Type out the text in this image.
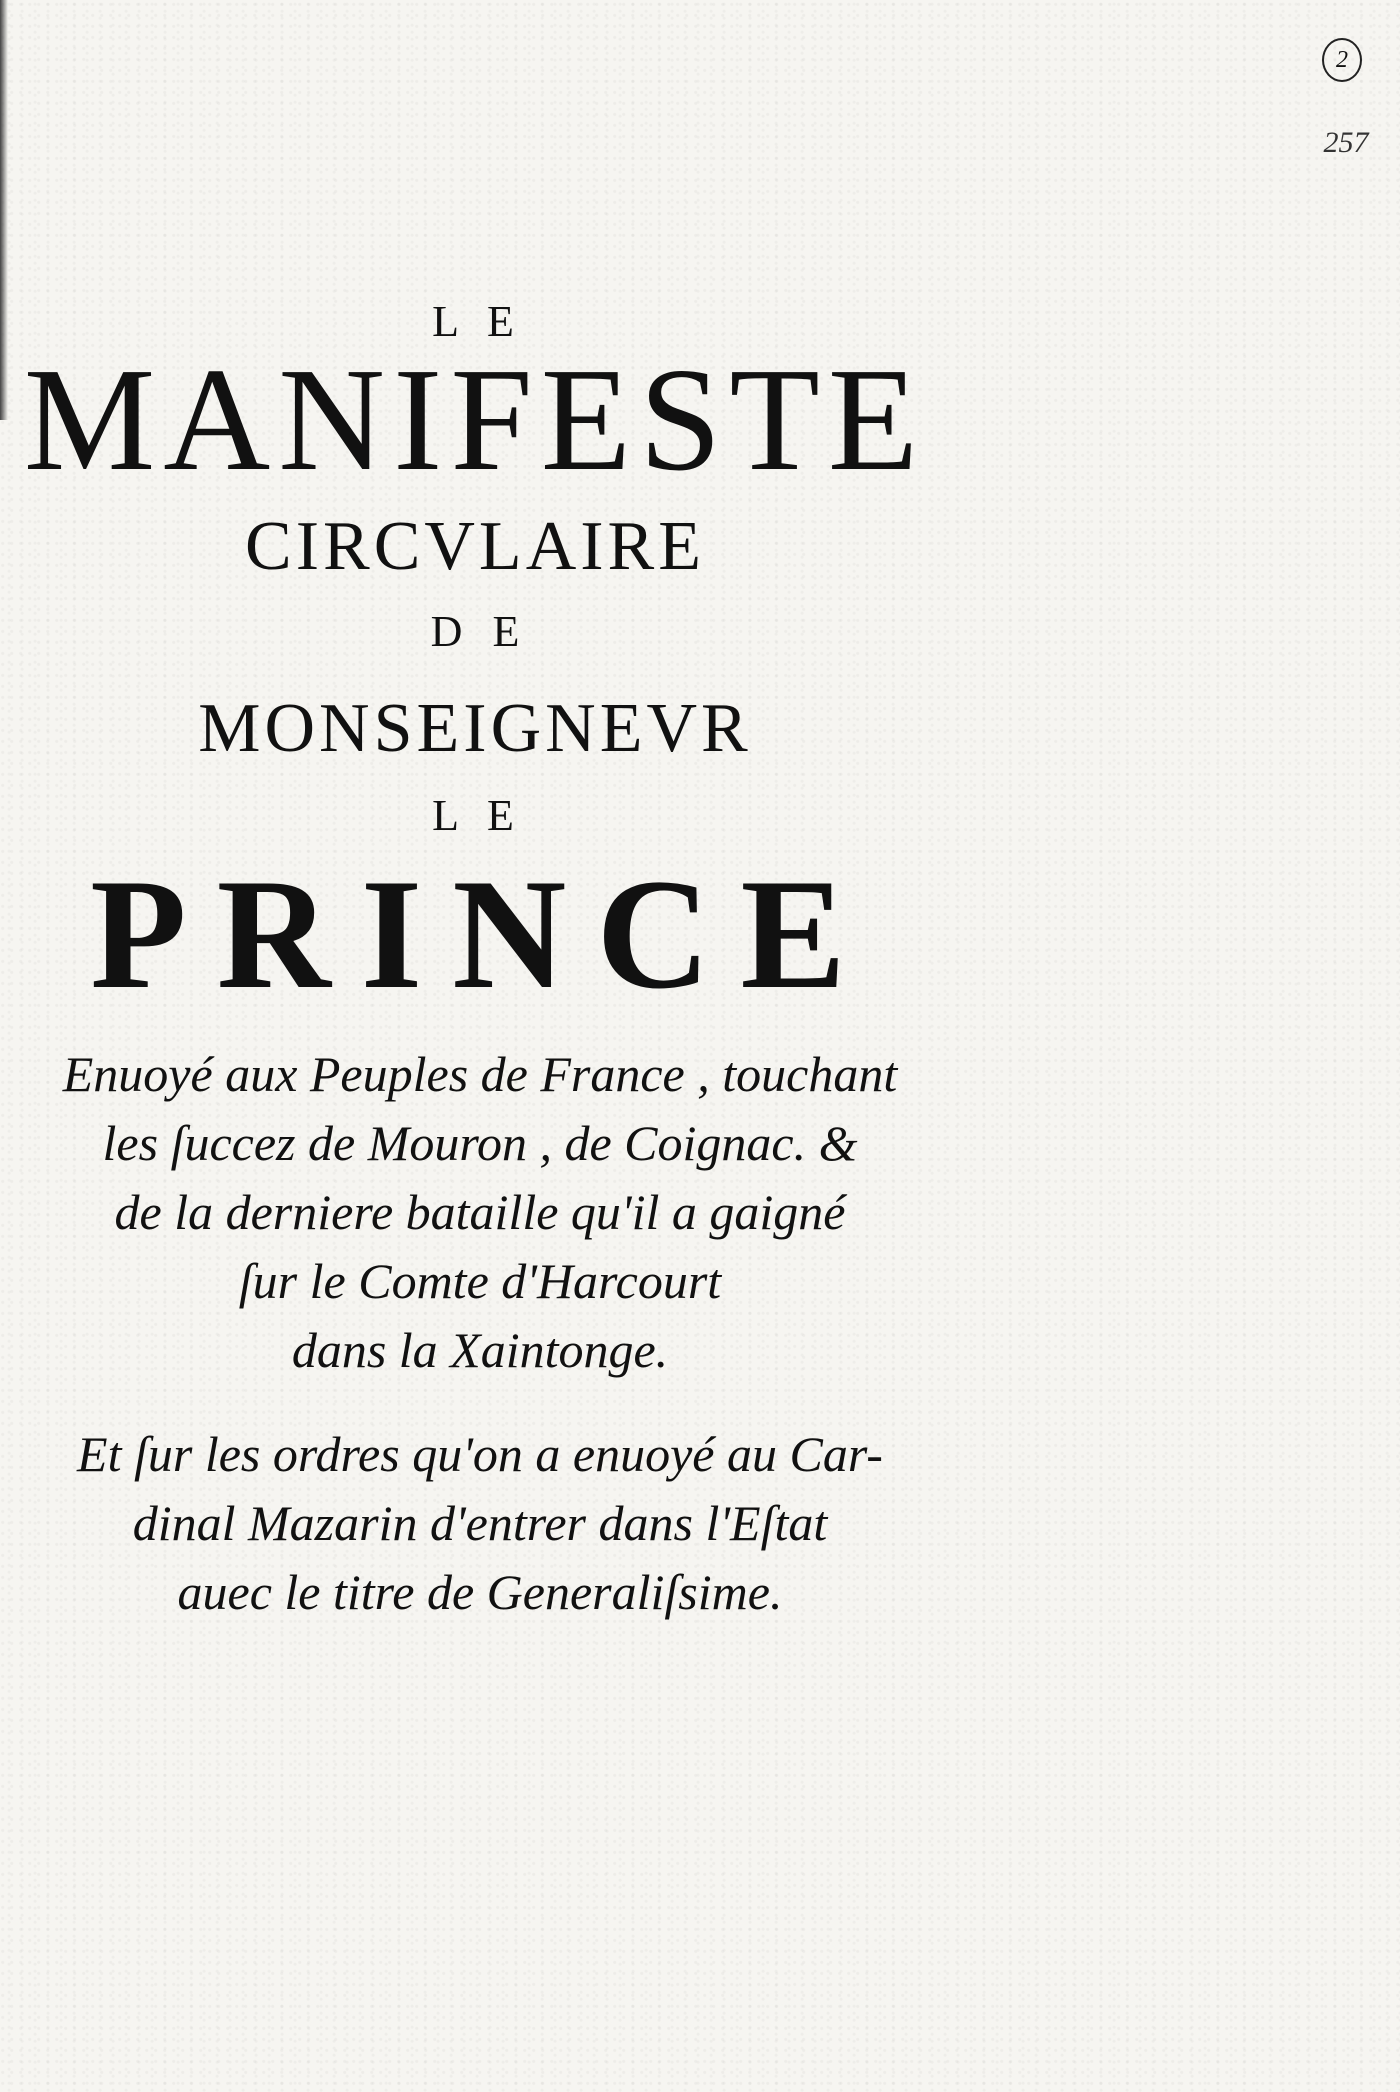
2
257
LE
MANIFESTE
CIRCVLAIRE
DE
MONSEIGNEVR
LE
PRINCE
Enuoyé aux Peuples de France , touchant
les ſuccez de Mouron , de Coignac. &
de la derniere bataille qu'il a gaigné
ſur le Comte d'Harcourt
dans la Xaintonge.
Et ſur les ordres qu'on a enuoyé au Car-
dinal Mazarin d'entrer dans l'Eſtat
auec le titre de Generaliſsime.
